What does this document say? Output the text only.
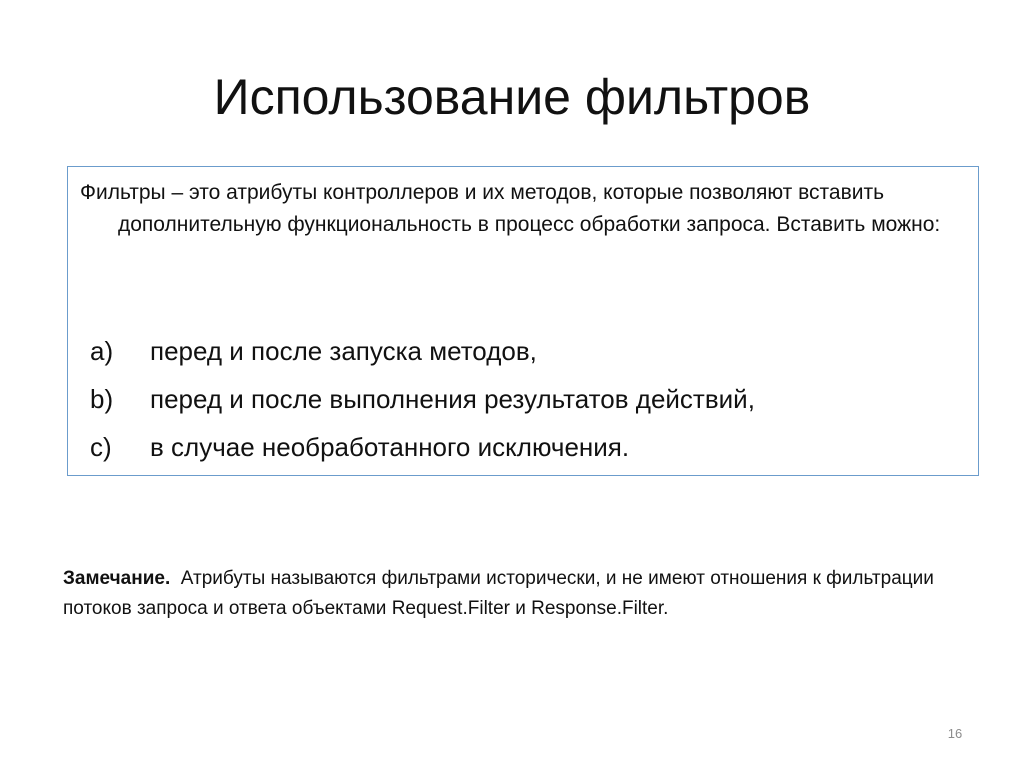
Использование фильтров
Фильтры – это атрибуты контроллеров и их методов, которые позволяют вставить дополнительную функциональность в процесс обработки запроса. Вставить можно:
a)	перед и после запуска методов,
b)	перед и после выполнения результатов действий,
c)	в случае необработанного исключения.
Замечание. Атрибуты называются фильтрами исторически, и не имеют отношения к фильтрации потоков запроса и ответа объектами Request.Filter и Response.Filter.
16
